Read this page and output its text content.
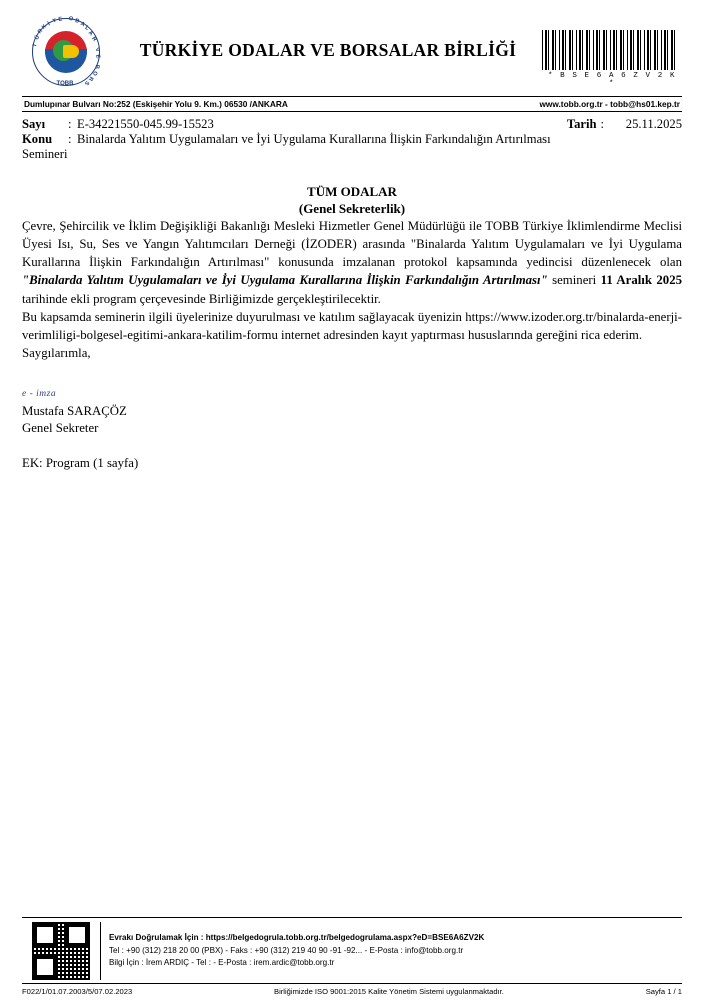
T
Ü
R
K
İ Y E
O D A
L
A
R

V
E

B
O
R
S
TOBB
TÜRKİYE ODALAR VE BORSALAR BİRLİĞİ
* B S E 6 A 6 Z V 2 K *
Dumlupınar Bulvarı No:252 (Eskişehir Yolu 9. Km.) 06530 /ANKARA	www.tobb.org.tr - tobb@hs01.kep.tr
Sayı	: E-34221550-045.99-15523	Tarih :	25.11.2025
Konu	: Binalarda Yalıtım Uygulamaları ve İyi Uygulama Kurallarına İlişkin Farkındalığın Artırılması
Semineri
TÜM ODALAR
(Genel Sekreterlik)

Çevre, Şehircilik ve İklim Değişikliği Bakanlığı Mesleki Hizmetler Genel Müdürlüğü ile TOBB Türkiye İklimlendirme Meclisi Üyesi Isı, Su, Ses ve Yangın Yalıtımcıları Derneği (İZODER) arasında "Binalarda Yalıtım Uygulamaları ve İyi Uygulama Kurallarına İlişkin Farkındalığın Artırılması" konusunda imzalanan protokol kapsamında yedincisi düzenlenecek olan "Binalarda Yalıtım Uygulamaları ve İyi Uygulama Kurallarına İlişkin Farkındalığın Artırılması" semineri 11 Aralık 2025 tarihinde ekli program çerçevesinde Birliğimizde gerçekleştirilecektir.

Bu kapsamda seminerin ilgili üyelerinize duyurulması ve katılım sağlayacak üyenizin https://www.izoder.org.tr/binalarda-enerji-verimliligi-bolgesel-egitimi-ankara-katilim-formu internet adresinden kayıt yaptırması hususlarında gereğini rica ederim.

Saygılarımla,

e - imza
Mustafa SARAÇÖZ
Genel Sekreter
EK: Program (1 sayfa)
Evrakı Doğrulamak İçin : https://belgedogrula.tobb.org.tr/belgedogrulama.aspx?eD=BSE6A6ZV2K
Tel : +90 (312) 218 20 00 (PBX) - Faks : +90 (312) 219 40 90 -91 -92... - E-Posta : info@tobb.org.tr
Bilgi İçin : İrem ARDIÇ - Tel : - E-Posta : irem.ardic@tobb.org.tr
F022/1/01.07.2003/5/07.02.2023	Birliğimizde ISO 9001:2015 Kalite Yönetim Sistemi uygulanmaktadır.	Sayfa 1 / 1
